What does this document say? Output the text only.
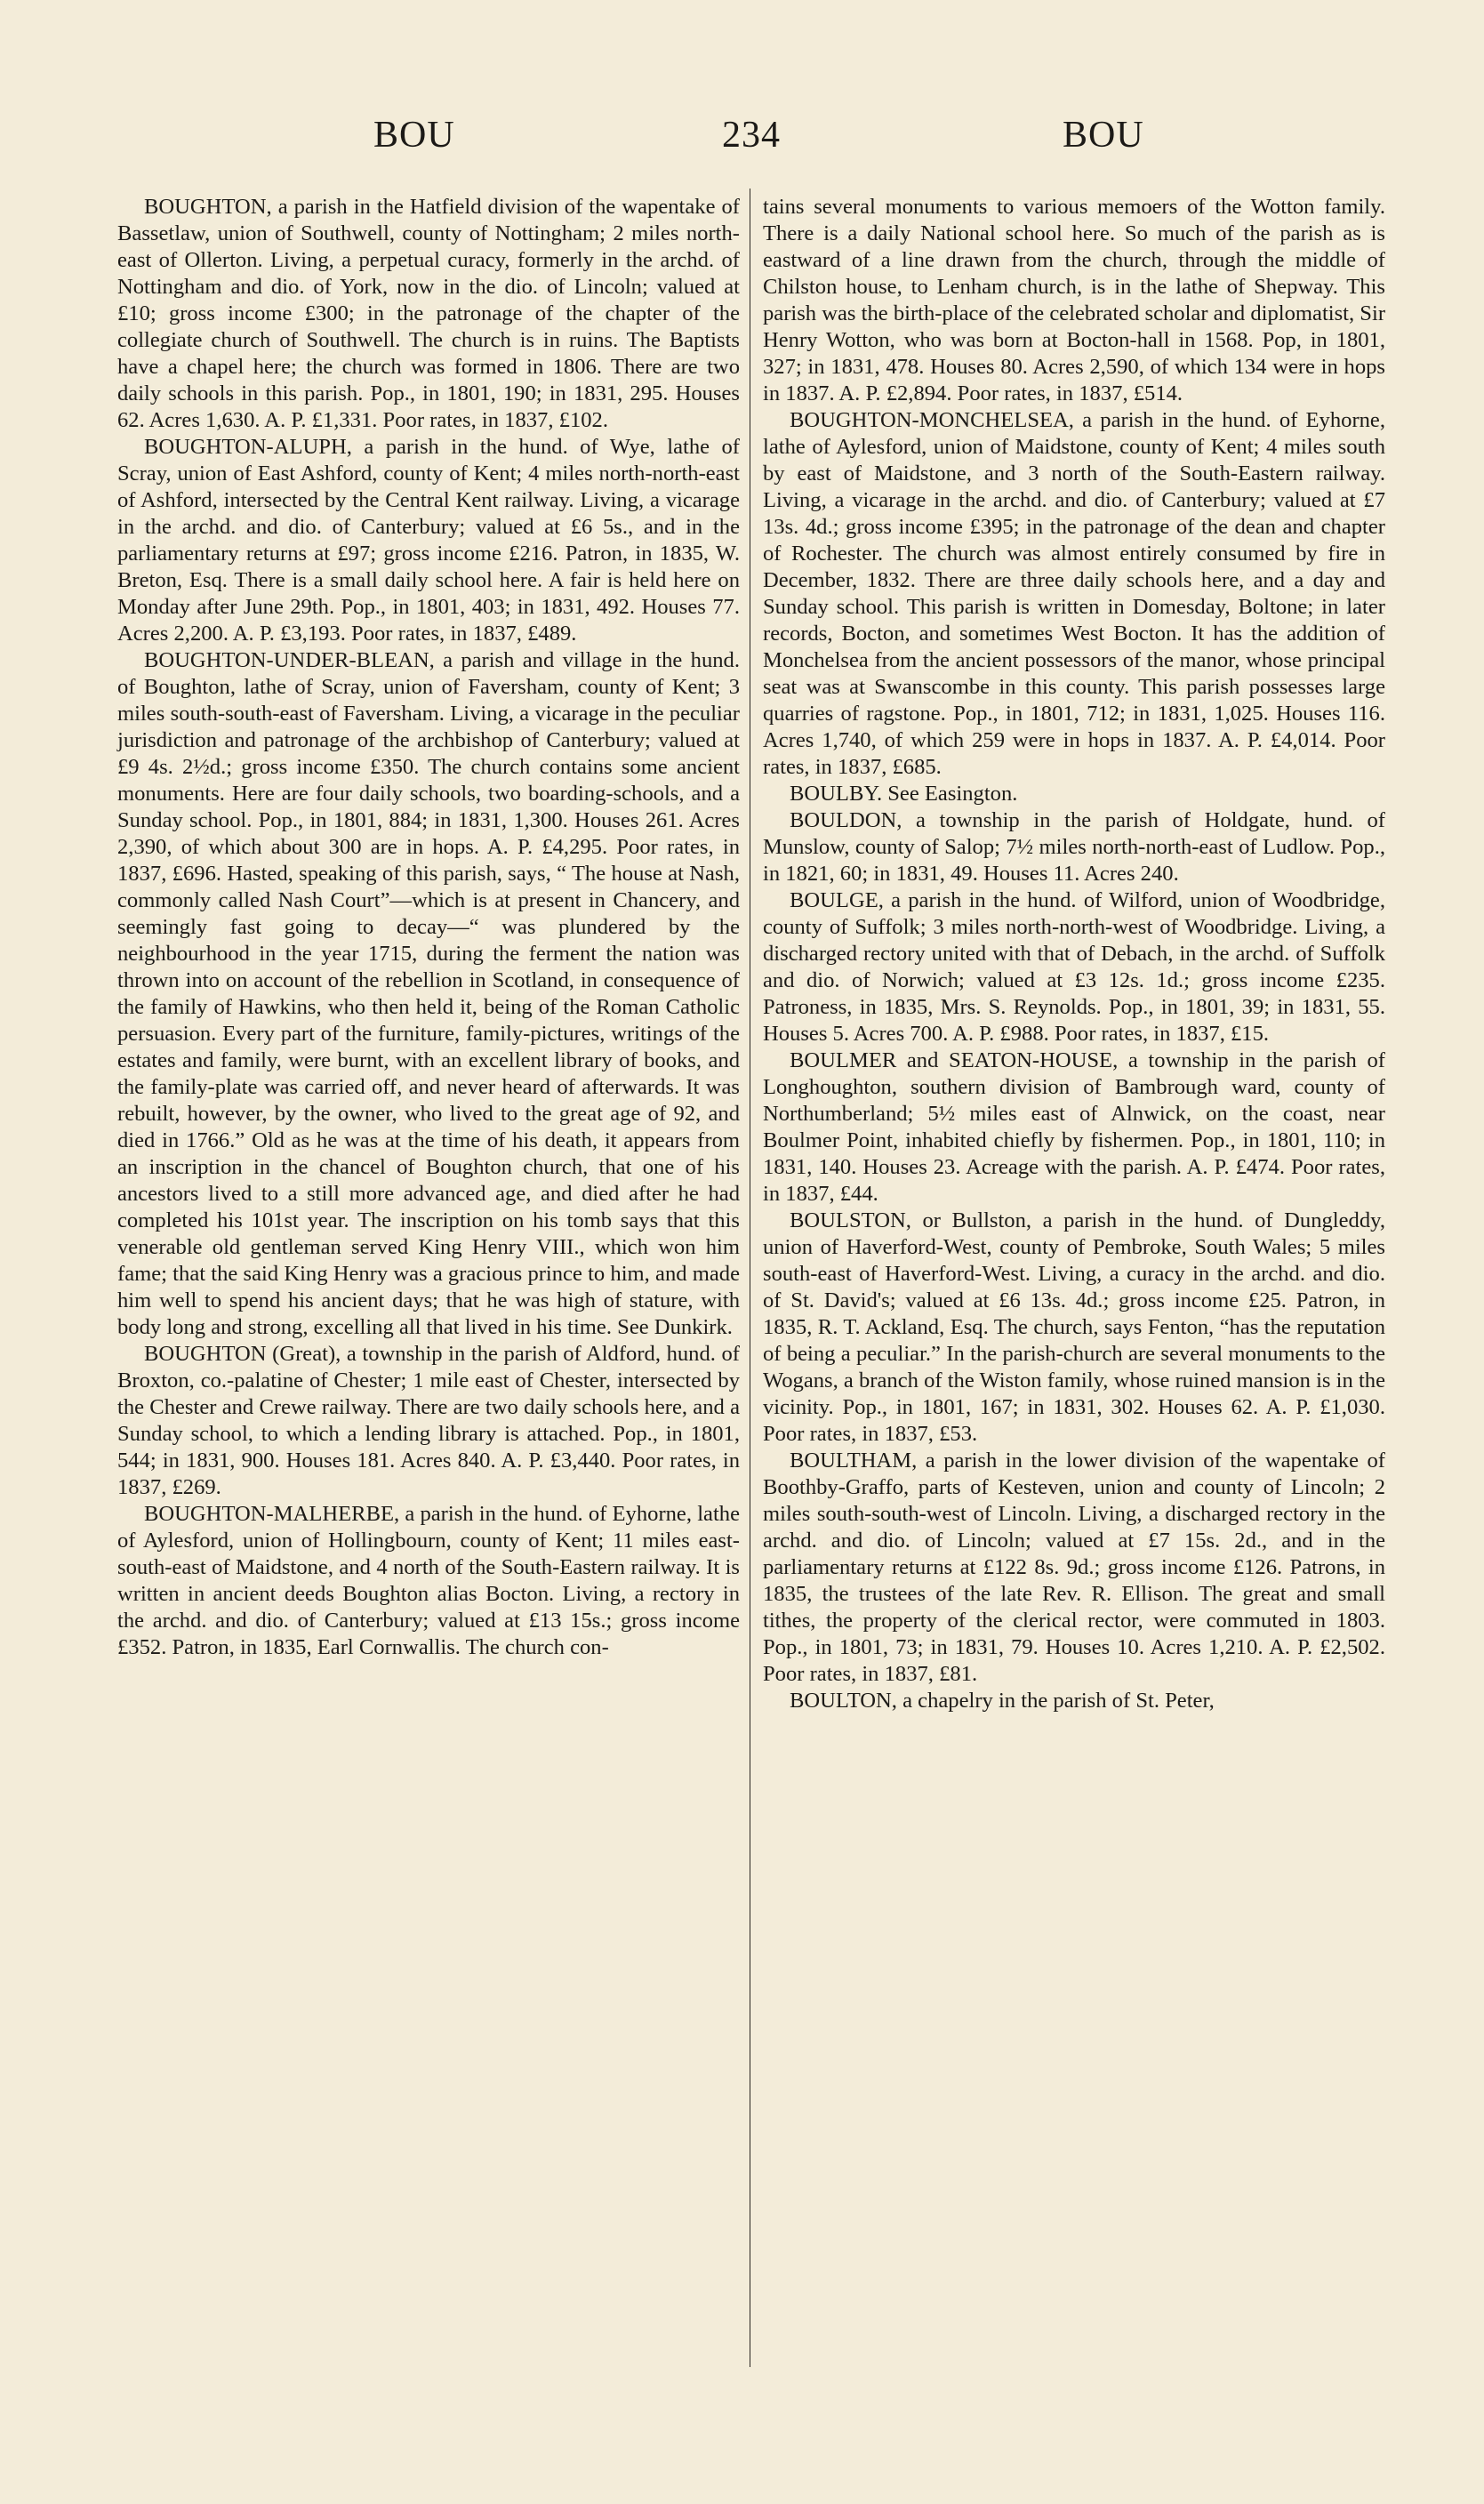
BOU	234	BOU

BOUGHTON, a parish in the Hatfield division of the wapentake of Bassetlaw, union of Southwell, county of Nottingham; 2 miles north-east of Ollerton. Living, a perpetual curacy, formerly in the archd. of Nottingham and dio. of York, now in the dio. of Lincoln; valued at £10; gross income £300; in the patronage of the chapter of the collegiate church of Southwell. The church is in ruins. The Baptists have a chapel here; the church was formed in 1806. There are two daily schools in this parish. Pop., in 1801, 190; in 1831, 295. Houses 62. Acres 1,630. A. P. £1,331. Poor rates, in 1837, £102.

BOUGHTON-ALUPH, a parish in the hund. of Wye, lathe of Scray, union of East Ashford, county of Kent; 4 miles north-north-east of Ashford, intersected by the Central Kent railway. Living, a vicarage in the archd. and dio. of Canterbury; valued at £6 5s., and in the parliamentary returns at £97; gross income £216. Patron, in 1835, W. Breton, Esq. There is a small daily school here. A fair is held here on Monday after June 29th. Pop., in 1801, 403; in 1831, 492. Houses 77. Acres 2,200. A. P. £3,193. Poor rates, in 1837, £489.

BOUGHTON-UNDER-BLEAN, a parish and village in the hund. of Boughton, lathe of Scray, union of Faversham, county of Kent; 3 miles south-south-east of Faversham. Living, a vicarage in the peculiar jurisdiction and patronage of the archbishop of Canterbury; valued at £9 4s. 2½d.; gross income £350. The church contains some ancient monuments. Here are four daily schools, two boarding-schools, and a Sunday school. Pop., in 1801, 884; in 1831, 1,300. Houses 261. Acres 2,390, of which about 300 are in hops. A. P. £4,295. Poor rates, in 1837, £696. Hasted, speaking of this parish, says, “ The house at Nash, commonly called Nash Court”—which is at present in Chancery, and seemingly fast going to decay—“ was plundered by the neighbourhood in the year 1715, during the ferment the nation was thrown into on account of the rebellion in Scotland, in consequence of the family of Hawkins, who then held it, being of the Roman Catholic persuasion. Every part of the furniture, family-pictures, writings of the estates and family, were burnt, with an excellent library of books, and the family-plate was carried off, and never heard of afterwards. It was rebuilt, however, by the owner, who lived to the great age of 92, and died in 1766.” Old as he was at the time of his death, it appears from an inscription in the chancel of Boughton church, that one of his ancestors lived to a still more advanced age, and died after he had completed his 101st year. The inscription on his tomb says that this venerable old gentleman served King Henry VIII., which won him fame; that the said King Henry was a gracious prince to him, and made him well to spend his ancient days; that he was high of stature, with body long and strong, excelling all that lived in his time. See Dunkirk.

BOUGHTON (Great), a township in the parish of Aldford, hund. of Broxton, co.-palatine of Chester; 1 mile east of Chester, intersected by the Chester and Crewe railway. There are two daily schools here, and a Sunday school, to which a lending library is attached. Pop., in 1801, 544; in 1831, 900. Houses 181. Acres 840. A. P. £3,440. Poor rates, in 1837, £269.

BOUGHTON-MALHERBE, a parish in the hund. of Eyhorne, lathe of Aylesford, union of Hollingbourn, county of Kent; 11 miles east-south-east of Maidstone, and 4 north of the South-Eastern railway. It is written in ancient deeds Boughton alias Bocton. Living, a rectory in the archd. and dio. of Canterbury; valued at £13 15s.; gross income £352. Patron, in 1835, Earl Cornwallis. The church con-

tains several monuments to various memoers of the Wotton family. There is a daily National school here. So much of the parish as is eastward of a line drawn from the church, through the middle of Chilston house, to Lenham church, is in the lathe of Shepway. This parish was the birth-place of the celebrated scholar and diplomatist, Sir Henry Wotton, who was born at Bocton-hall in 1568. Pop, in 1801, 327; in 1831, 478. Houses 80. Acres 2,590, of which 134 were in hops in 1837. A. P. £2,894. Poor rates, in 1837, £514.

BOUGHTON-MONCHELSEA, a parish in the hund. of Eyhorne, lathe of Aylesford, union of Maidstone, county of Kent; 4 miles south by east of Maidstone, and 3 north of the South-Eastern railway. Living, a vicarage in the archd. and dio. of Canterbury; valued at £7 13s. 4d.; gross income £395; in the patronage of the dean and chapter of Rochester. The church was almost entirely consumed by fire in December, 1832. There are three daily schools here, and a day and Sunday school. This parish is written in Domesday, Boltone; in later records, Bocton, and sometimes West Bocton. It has the addition of Monchelsea from the ancient possessors of the manor, whose principal seat was at Swanscombe in this county. This parish possesses large quarries of ragstone. Pop., in 1801, 712; in 1831, 1,025. Houses 116. Acres 1,740, of which 259 were in hops in 1837. A. P. £4,014. Poor rates, in 1837, £685.

BOULBY. See Easington.

BOULDON, a township in the parish of Holdgate, hund. of Munslow, county of Salop; 7½ miles north-north-east of Ludlow. Pop., in 1821, 60; in 1831, 49. Houses 11. Acres 240.

BOULGE, a parish in the hund. of Wilford, union of Woodbridge, county of Suffolk; 3 miles north-north-west of Woodbridge. Living, a discharged rectory united with that of Debach, in the archd. of Suffolk and dio. of Norwich; valued at £3 12s. 1d.; gross income £235. Patroness, in 1835, Mrs. S. Reynolds. Pop., in 1801, 39; in 1831, 55. Houses 5. Acres 700. A. P. £988. Poor rates, in 1837, £15.

BOULMER and SEATON-HOUSE, a township in the parish of Longhoughton, southern division of Bambrough ward, county of Northumberland; 5½ miles east of Alnwick, on the coast, near Boulmer Point, inhabited chiefly by fishermen. Pop., in 1801, 110; in 1831, 140. Houses 23. Acreage with the parish. A. P. £474. Poor rates, in 1837, £44.

BOULSTON, or Bullston, a parish in the hund. of Dungleddy, union of Haverford-West, county of Pembroke, South Wales; 5 miles south-east of Haverford-West. Living, a curacy in the archd. and dio. of St. David's; valued at £6 13s. 4d.; gross income £25. Patron, in 1835, R. T. Ackland, Esq. The church, says Fenton, “has the reputation of being a peculiar.” In the parish-church are several monuments to the Wogans, a branch of the Wiston family, whose ruined mansion is in the vicinity. Pop., in 1801, 167; in 1831, 302. Houses 62. A. P. £1,030. Poor rates, in 1837, £53.

BOULTHAM, a parish in the lower division of the wapentake of Boothby-Graffo, parts of Kesteven, union and county of Lincoln; 2 miles south-south-west of Lincoln. Living, a discharged rectory in the archd. and dio. of Lincoln; valued at £7 15s. 2d., and in the parliamentary returns at £122 8s. 9d.; gross income £126. Patrons, in 1835, the trustees of the late Rev. R. Ellison. The great and small tithes, the property of the clerical rector, were commuted in 1803. Pop., in 1801, 73; in 1831, 79. Houses 10. Acres 1,210. A. P. £2,502. Poor rates, in 1837, £81.

BOULTON, a chapelry in the parish of St. Peter,
